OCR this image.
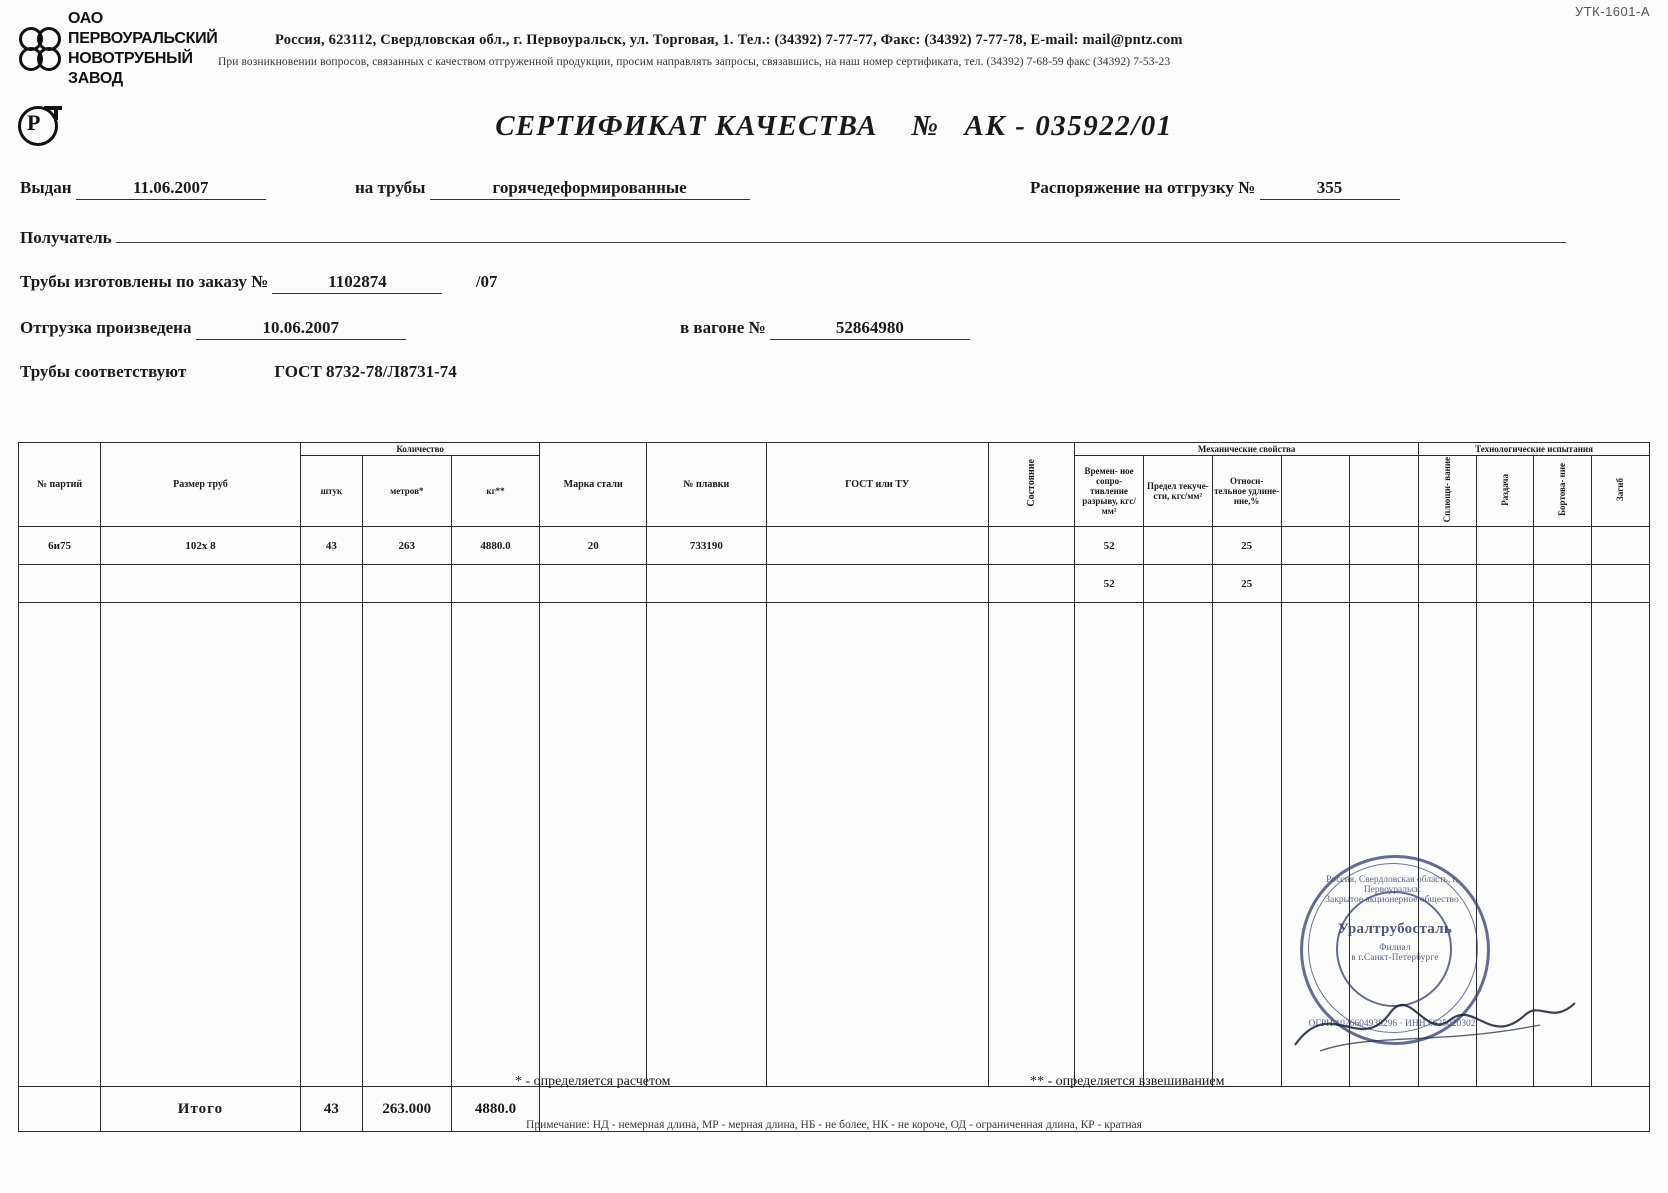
УТК-1601-А
ОАО ПЕРВОУРАЛЬСКИЙ
НОВОТРУБНЫЙ ЗАВОД
Россия, 623112, Свердловская обл., г. Первоуральск, ул. Торговая, 1. Тел.: (34392) 7-77-77, Факс: (34392) 7-77-78, E-mail: mail@pntz.com
При возникновении вопросов, связанных с качеством отгруженной продукции, просим направлять запросы, связавшись, на наш номер сертификата, тел. (34392) 7-68-59 факс (34392) 7-53-23
Р	СЕРТИФИКАТ КАЧЕСТВА № АК - 035922/01
Выдан	11.06.2007	на трубы	горячедеформированные	Распоряжение на отгрузку №	355
Получатель
Трубы изготовлены по заказу №	1102874	/07
Отгрузка произведена	10.06.2007	в вагоне №	52864980
Трубы соответствуют	ГОСТ 8732-78/Л8731-74
№ партий	Размер труб	Количество			Марка стали	№ плавки	ГОСТ или ТУ	Состояние	Механические свойства					Технологические испытания			
		штук	метров*	кг**					Времен- ное сопро- тивление разрыву, кгс/мм²	Предел текуче- сти, кгс/мм²	Относи- тельное удлине- ние,%			Сплющи- вание	Раздача	Бортова- ние	Загиб
6и75	102х 8	43	263	4880.0	20	733190			52		25						
									52		25						

	Итого	43	263.000	4880.0													
* - определяется расчетом	** - определяется взвешиванием
Примечание: НД - немерная длина, МР - мерная длина, НБ - не более, НК - не короче, ОД - ограниченная длина, КР - кратная
Россия, Свердловская область, г. Первоуральск
Закрытое акционерное общество
Уралтрубосталь
Филиал
в г.Санкт-Петербурге
ОГРН 1026604938296 · ИНН 6625020302
